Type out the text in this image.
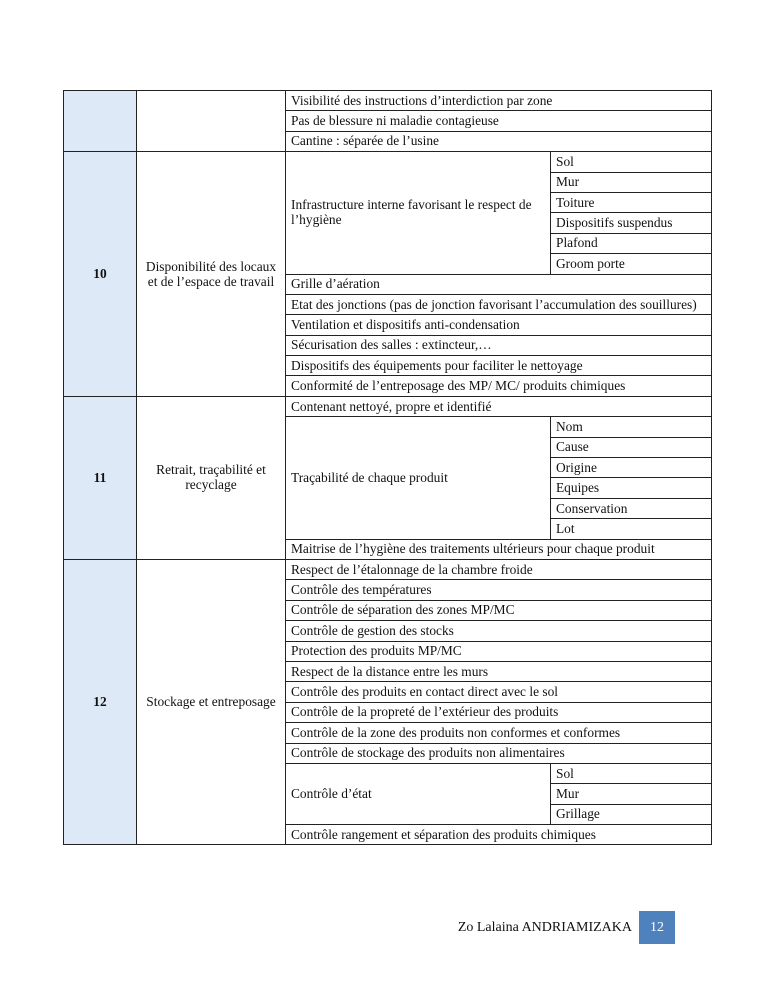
		Visibilité des instructions d’interdiction par zone	
		Pas de blessure ni maladie contagieuse	
		Cantine : séparée de l’usine	
10	Disponibilité des locaux et de l’espace de travail	Infrastructure interne favorisant le respect de l’hygiène	Sol
			Mur
			Toiture
			Dispositifs suspendus
			Plafond
			Groom porte
		Grille d’aération	
		Etat des jonctions (pas de jonction favorisant l’accumulation des souillures)	
		Ventilation et dispositifs anti-condensation	
		Sécurisation des salles : extincteur,…	
		Dispositifs des équipements pour faciliter le nettoyage	
		Conformité de l’entreposage des MP/ MC/ produits chimiques	

11	Retrait, traçabilité et recyclage	Contenant nettoyé, propre et identifié	
		Traçabilité de chaque produit	Nom
			Cause
			Origine
			Equipes
			Conservation
			Lot
		Maitrise de l’hygiène des traitements ultérieurs pour chaque produit	
12	Stockage et entreposage	Respect de l’étalonnage de la chambre froide	
		Contrôle des températures	
		Contrôle de séparation des zones MP/MC	
		Contrôle de gestion des stocks	
		Protection des produits MP/MC	
		Respect de la distance entre les murs	
		Contrôle des produits en contact direct avec le sol	
		Contrôle de la propreté de l’extérieur des produits	
		Contrôle de la zone des produits non conformes et conformes	
		Contrôle de stockage des produits non alimentaires	
		Contrôle d’état	Sol
			Mur
			Grillage
		Contrôle rangement et séparation des produits chimiques	
Zo Lalaina ANDRIAMIZAKA	12
